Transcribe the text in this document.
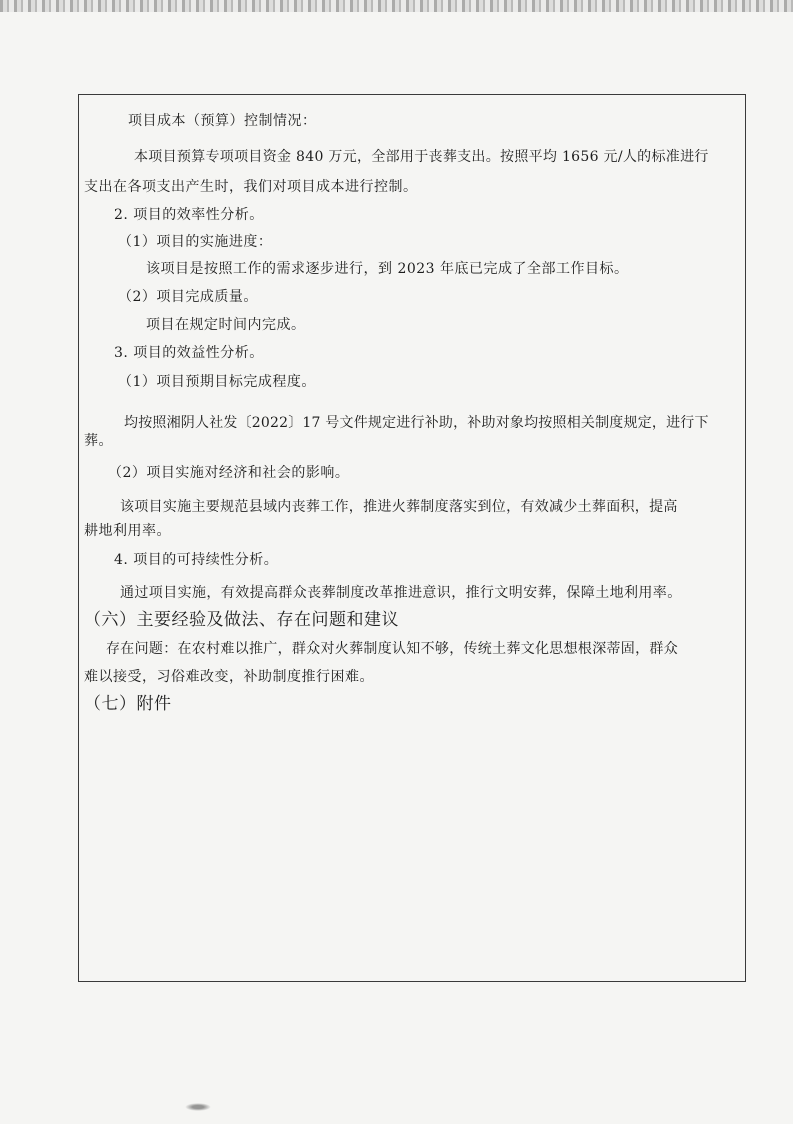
项目成本（预算）控制情况：
本项目预算专项项目资金 840 万元，全部用于丧葬支出。按照平均 1656 元/人的标准进行
支出在各项支出产生时，我们对项目成本进行控制。
2. 项目的效率性分析。
（1）项目的实施进度：
该项目是按照工作的需求逐步进行，到 2023 年底已完成了全部工作目标。
（2）项目完成质量。
项目在规定时间内完成。
3. 项目的效益性分析。
（1）项目预期目标完成程度。
均按照湘阴人社发〔2022〕17 号文件规定进行补助，补助对象均按照相关制度规定，进行下
葬。
（2）项目实施对经济和社会的影响。
该项目实施主要规范县域内丧葬工作，推进火葬制度落实到位，有效减少土葬面积，提高
耕地利用率。
4. 项目的可持续性分析。
通过项目实施，有效提高群众丧葬制度改革推进意识，推行文明安葬，保障土地利用率。
（六）主要经验及做法、存在问题和建议
存在问题：在农村难以推广，群众对火葬制度认知不够，传统土葬文化思想根深蒂固，群众
难以接受，习俗难改变，补助制度推行困难。
（七）附件
